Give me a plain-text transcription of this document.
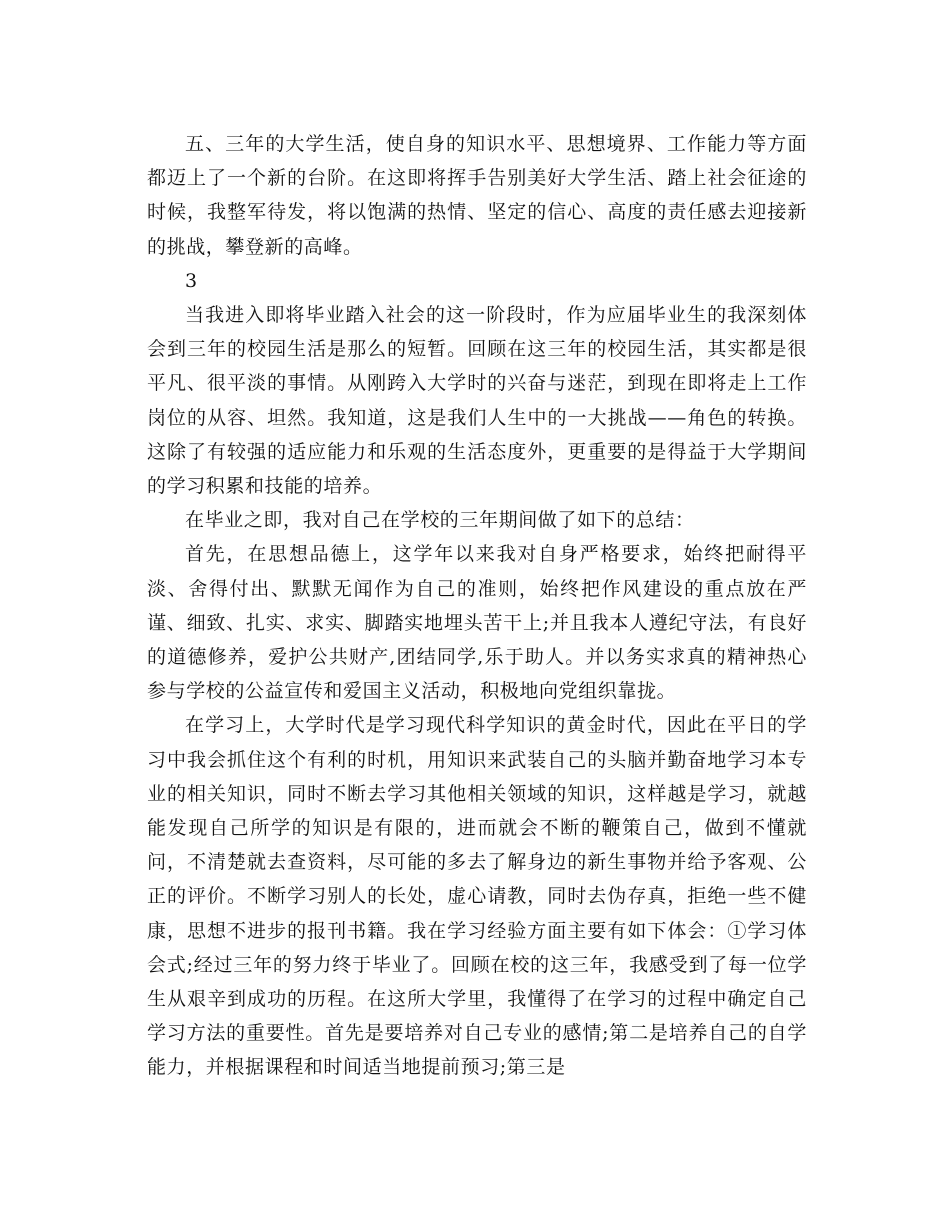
五、三年的大学生活，使自身的知识水平、思想境界、工作能力等方面都迈上了一个新的台阶。在这即将挥手告别美好大学生活、踏上社会征途的时候，我整军待发，将以饱满的热情、坚定的信心、高度的责任感去迎接新的挑战，攀登新的高峰。

3

当我进入即将毕业踏入社会的这一阶段时，作为应届毕业生的我深刻体会到三年的校园生活是那么的短暂。回顾在这三年的校园生活，其实都是很平凡、很平淡的事情。从刚跨入大学时的兴奋与迷茫，到现在即将走上工作岗位的从容、坦然。我知道，这是我们人生中的一大挑战——角色的转换。这除了有较强的适应能力和乐观的生活态度外，更重要的是得益于大学期间的学习积累和技能的培养。

在毕业之即，我对自己在学校的三年期间做了如下的总结：

首先，在思想品德上，这学年以来我对自身严格要求，始终把耐得平淡、舍得付出、默默无闻作为自己的准则，始终把作风建设的重点放在严谨、细致、扎实、求实、脚踏实地埋头苦干上;并且我本人遵纪守法，有良好的道德修养，爱护公共财产,团结同学,乐于助人。并以务实求真的精神热心参与学校的公益宣传和爱国主义活动，积极地向党组织靠拢。

在学习上，大学时代是学习现代科学知识的黄金时代，因此在平日的学习中我会抓住这个有利的时机，用知识来武装自己的头脑并勤奋地学习本专业的相关知识，同时不断去学习其他相关领域的知识，这样越是学习，就越能发现自己所学的知识是有限的，进而就会不断的鞭策自己，做到不懂就问，不清楚就去查资料，尽可能的多去了解身边的新生事物并给予客观、公正的评价。不断学习别人的长处，虚心请教，同时去伪存真，拒绝一些不健康，思想不进步的报刊书籍。我在学习经验方面主要有如下体会：①学习体会式;经过三年的努力终于毕业了。回顾在校的这三年，我感受到了每一位学生从艰辛到成功的历程。在这所大学里，我懂得了在学习的过程中确定自己学习方法的重要性。首先是要培养对自己专业的感情;第二是培养自己的自学能力，并根据课程和时间适当地提前预习;第三是
